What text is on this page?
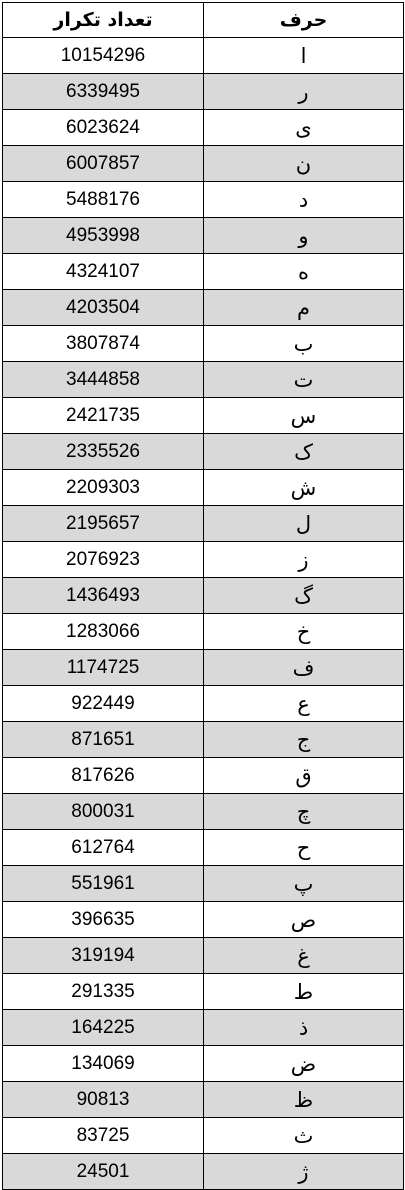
تعداد تکرار	حرف
10154296	ا
6339495	ر
6023624	ی
6007857	ن
5488176	د
4953998	و
4324107	ه
4203504	م
3807874	ب
3444858	ت
2421735	س
2335526	ک
2209303	ش
2195657	ل
2076923	ز
1436493	گ
1283066	خ
1174725	ف
922449	ع
871651	ج
817626	ق
800031	چ
612764	ح
551961	پ
396635	ص
319194	غ
291335	ط
164225	ذ
134069	ض
90813	ظ
83725	ث
24501	ژ
